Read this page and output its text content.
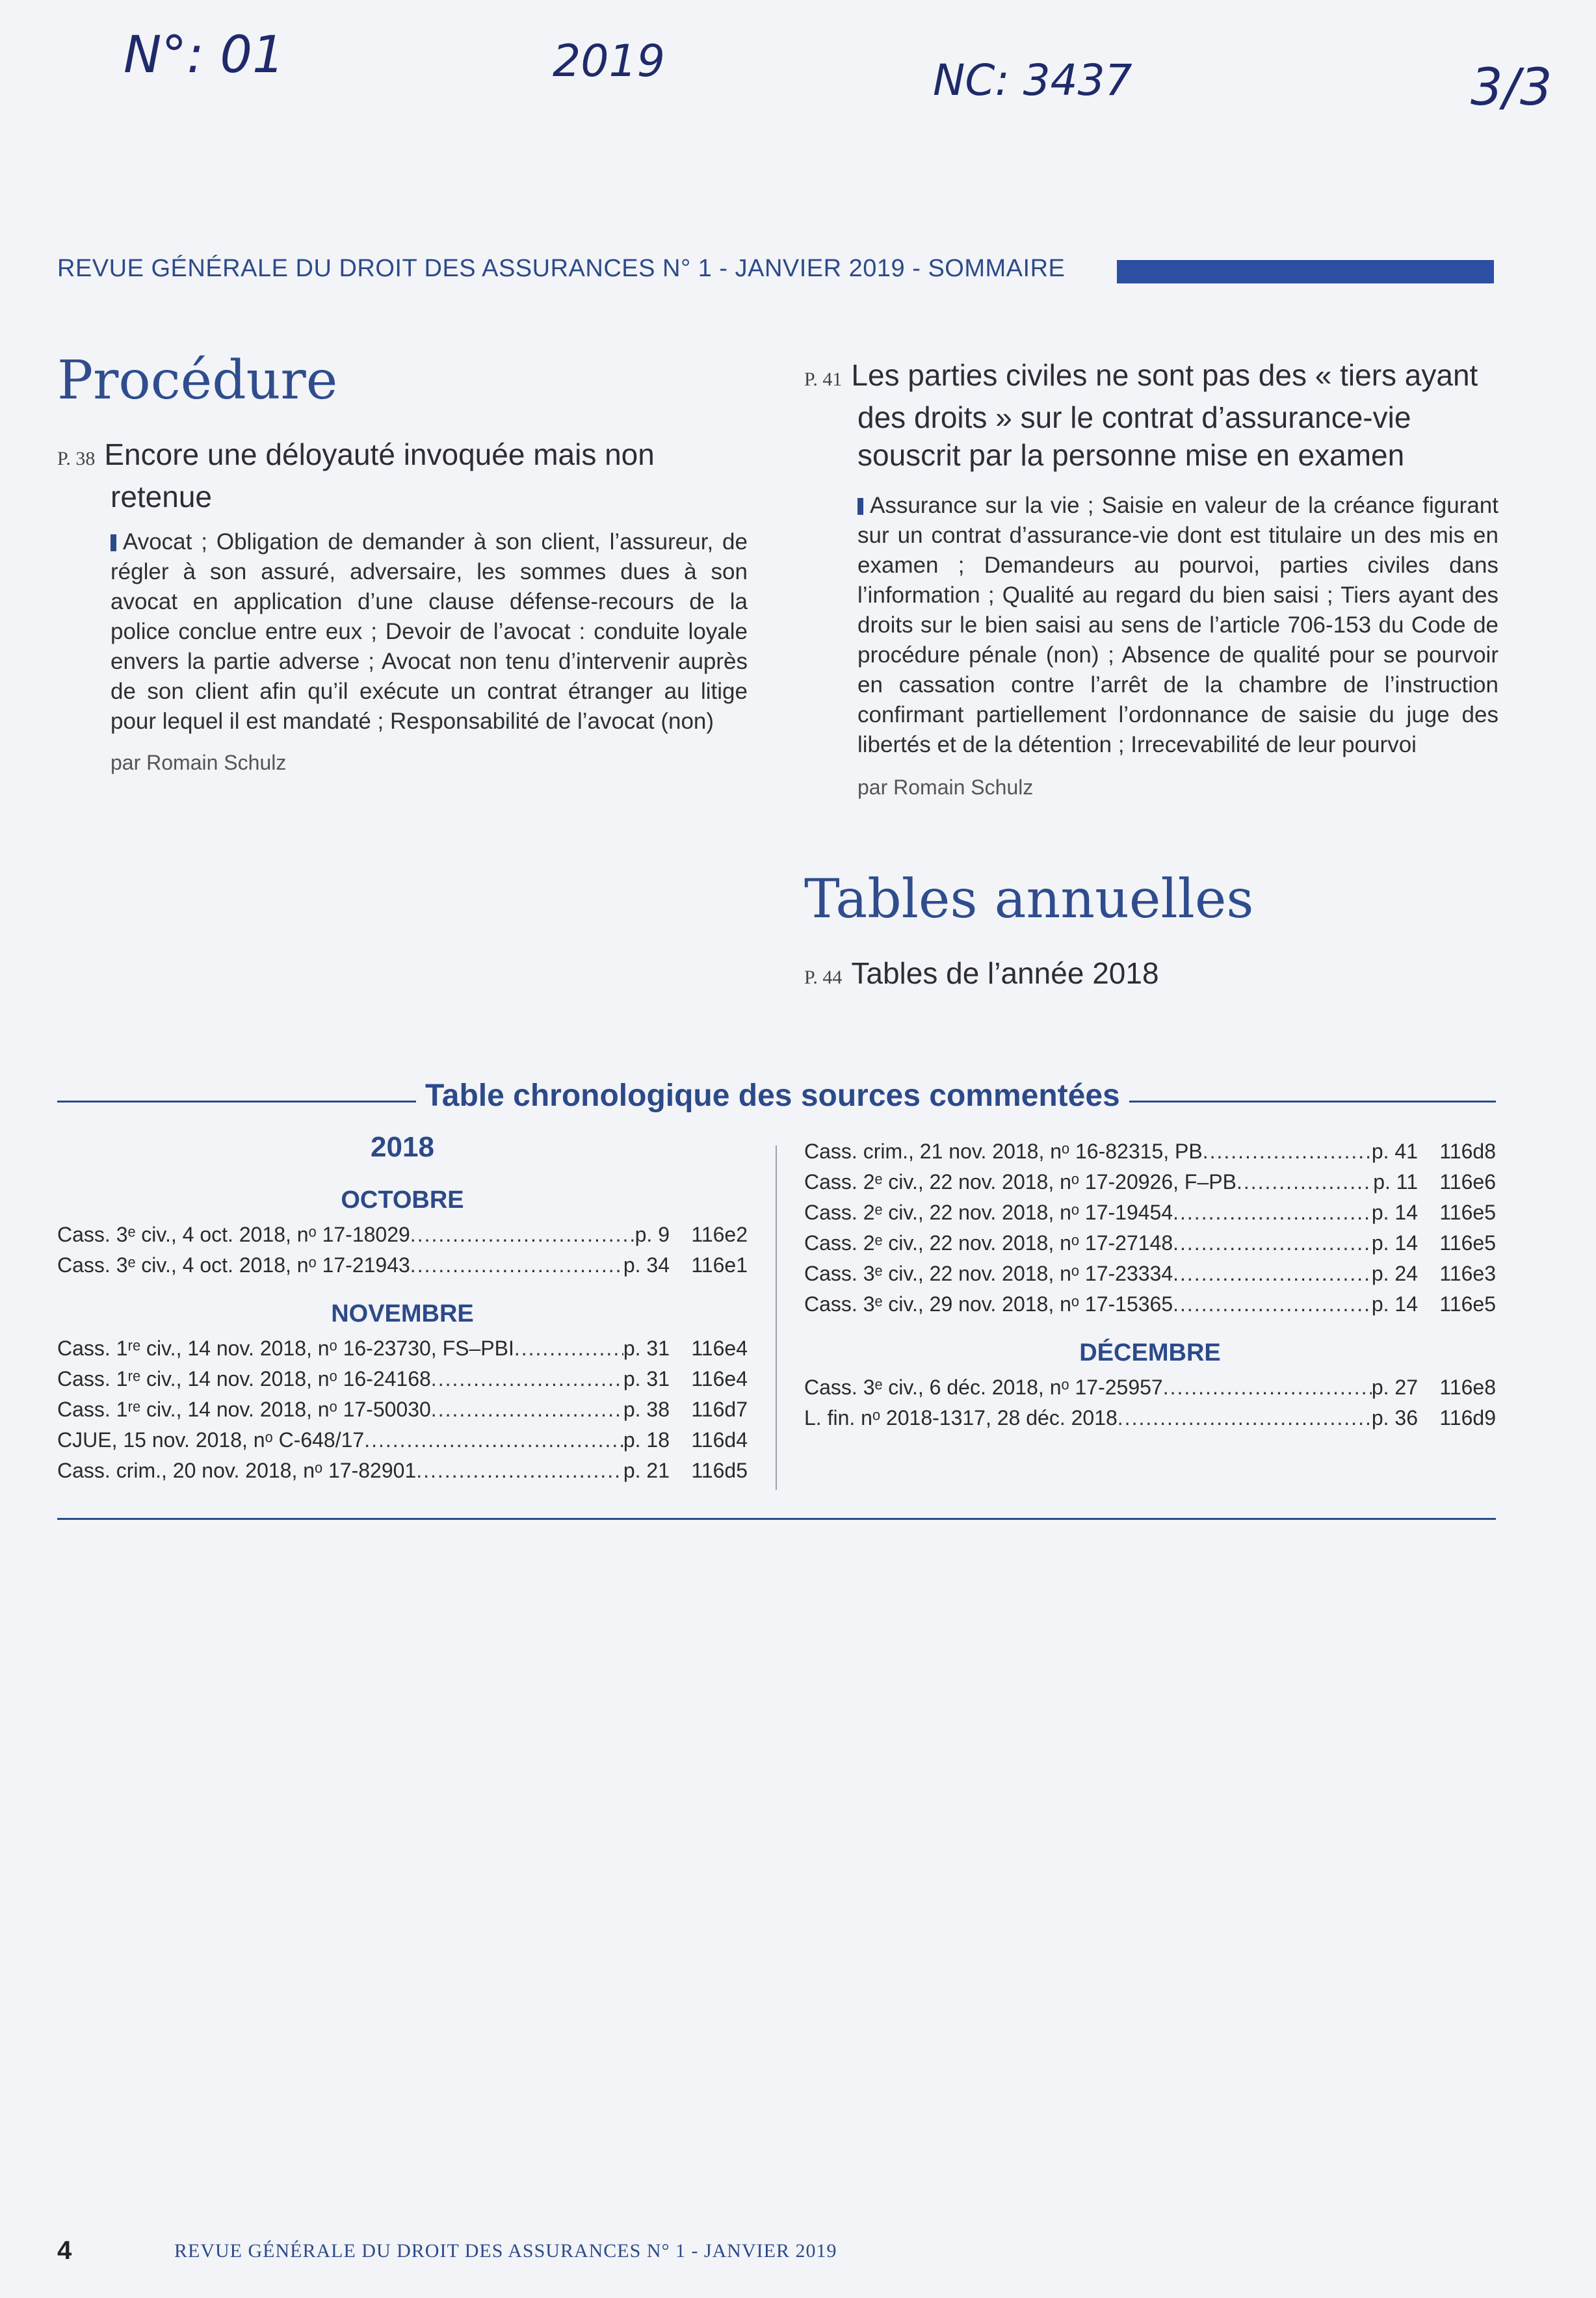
N°: 01	2019	NC: 3437	3/3
REVUE GÉNÉRALE DU DROIT DES ASSURANCES N° 1 - JANVIER 2019 - SOMMAIRE
Procédure
P. 38 Encore une déloyauté invoquée mais non retenue
Avocat ; Obligation de demander à son client, l’assureur, de régler à son assuré, adversaire, les sommes dues à son avocat en application d’une clause défense-recours de la police conclue entre eux ; Devoir de l’avocat : conduite loyale envers la partie adverse ; Avocat non tenu d’intervenir auprès de son client afin qu’il exécute un contrat étranger au litige pour lequel il est mandaté ; Responsabilité de l’avocat (non)
par Romain Schulz
P. 41 Les parties civiles ne sont pas des « tiers ayant des droits » sur le contrat d’assurance-vie souscrit par la personne mise en examen
Assurance sur la vie ; Saisie en valeur de la créance figurant sur un contrat d’assurance-vie dont est titulaire un des mis en examen ; Demandeurs au pourvoi, parties civiles dans l’information ; Qualité au regard du bien saisi ; Tiers ayant des droits sur le bien saisi au sens de l’article 706-153 du Code de procédure pénale (non) ; Absence de qualité pour se pourvoir en cassation contre l’arrêt de la chambre de l’instruction confirmant partiellement l’ordonnance de saisie du juge des libertés et de la détention ; Irrecevabilité de leur pourvoi
par Romain Schulz
Tables annuelles
P. 44 Tables de l’année 2018
Table chronologique des sources commentées
2018
OCTOBRE
Cass. 3ᵉ civ., 4 oct. 2018, nᵒ 17-18029 .....	p. 9	116e2
Cass. 3ᵉ civ., 4 oct. 2018, nᵒ 17-21943 .....	p. 34	116e1
NOVEMBRE
Cass. 1ʳᵉ civ., 14 nov. 2018, nᵒ 16-23730, FS–PBI .....	p. 31	116e4
Cass. 1ʳᵉ civ., 14 nov. 2018, nᵒ 16-24168 .....	p. 31	116e4
Cass. 1ʳᵉ civ., 14 nov. 2018, nᵒ 17-50030 .....	p. 38	116d7
CJUE, 15 nov. 2018, nᵒ C-648/17 .....	p. 18	116d4
Cass. crim., 20 nov. 2018, nᵒ 17-82901 .....	p. 21	116d5
Cass. crim., 21 nov. 2018, nᵒ 16-82315, PB .....	p. 41	116d8
Cass. 2ᵉ civ., 22 nov. 2018, nᵒ 17-20926, F–PB .....	p. 11	116e6
Cass. 2ᵉ civ., 22 nov. 2018, nᵒ 17-19454 .....	p. 14	116e5
Cass. 2ᵉ civ., 22 nov. 2018, nᵒ 17-27148 .....	p. 14	116e5
Cass. 3ᵉ civ., 22 nov. 2018, nᵒ 17-23334 .....	p. 24	116e3
Cass. 3ᵉ civ., 29 nov. 2018, nᵒ 17-15365 .....	p. 14	116e5
DÉCEMBRE
Cass. 3ᵉ civ., 6 déc. 2018, nᵒ 17-25957 .....	p. 27	116e8
L. fin. nᵒ 2018-1317, 28 déc. 2018 .....	p. 36	116d9
4	REVUE GÉNÉRALE DU DROIT DES ASSURANCES N° 1 - JANVIER 2019
